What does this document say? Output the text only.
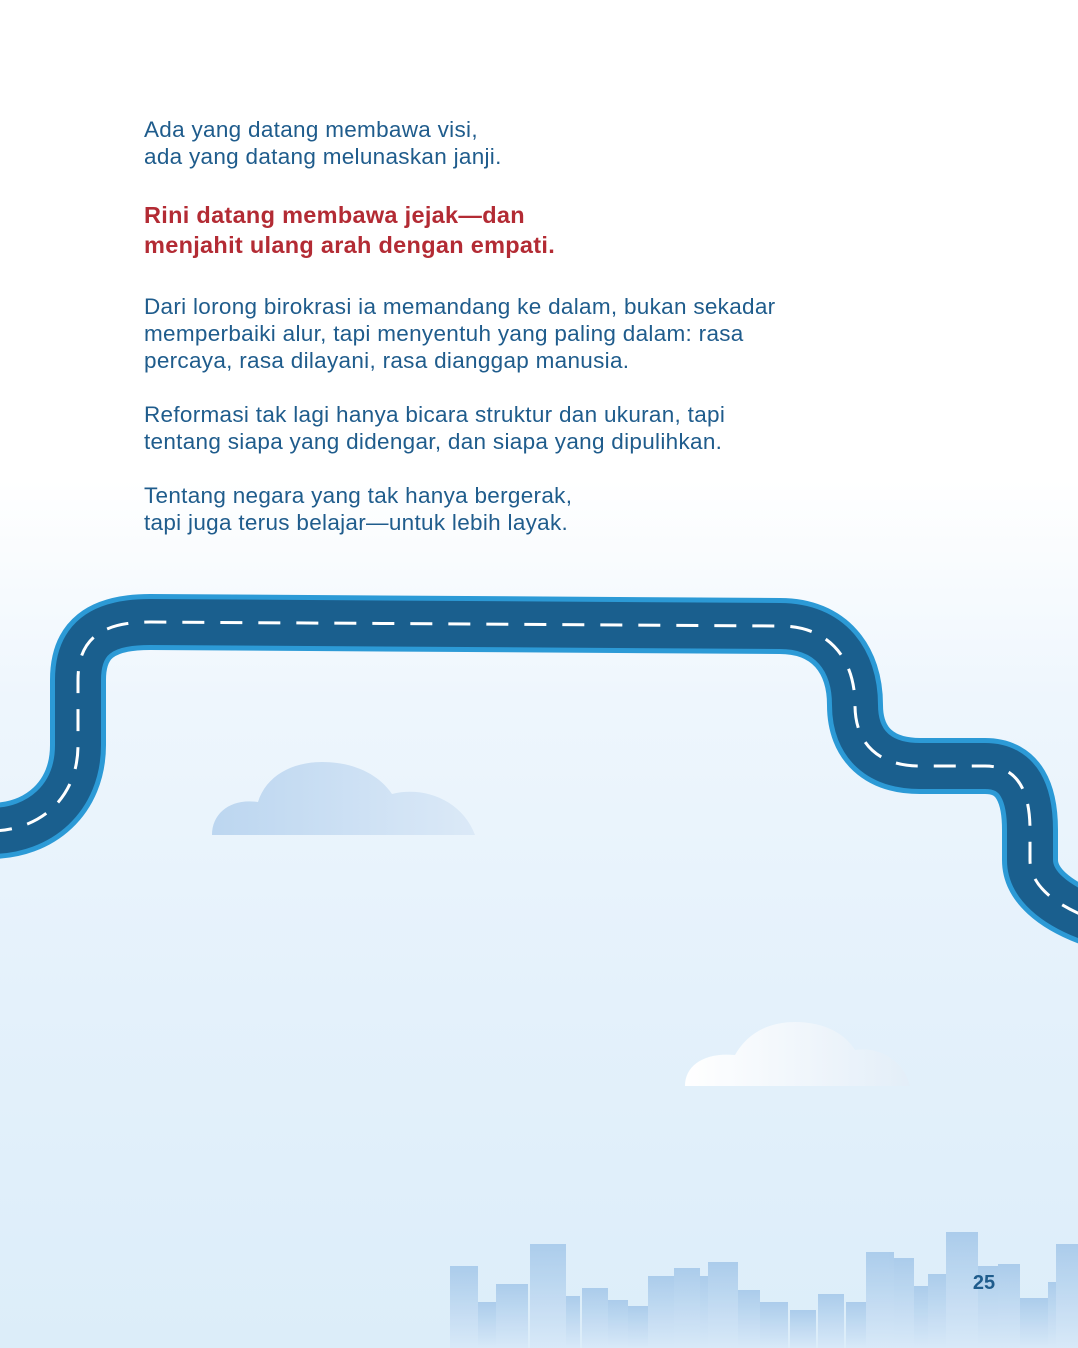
Ada yang datang membawa visi,
ada yang datang melunaskan janji.

Rini datang membawa jejak—dan
menjahit ulang arah dengan empati.

Dari lorong birokrasi ia memandang ke dalam, bukan sekadar
memperbaiki alur, tapi menyentuh yang paling dalam: rasa
percaya, rasa dilayani, rasa dianggap manusia.

Reformasi tak lagi hanya bicara struktur dan ukuran, tapi
tentang siapa yang didengar, dan siapa yang dipulihkan.

Tentang negara yang tak hanya bergerak,
tapi juga terus belajar—untuk lebih layak.

25
